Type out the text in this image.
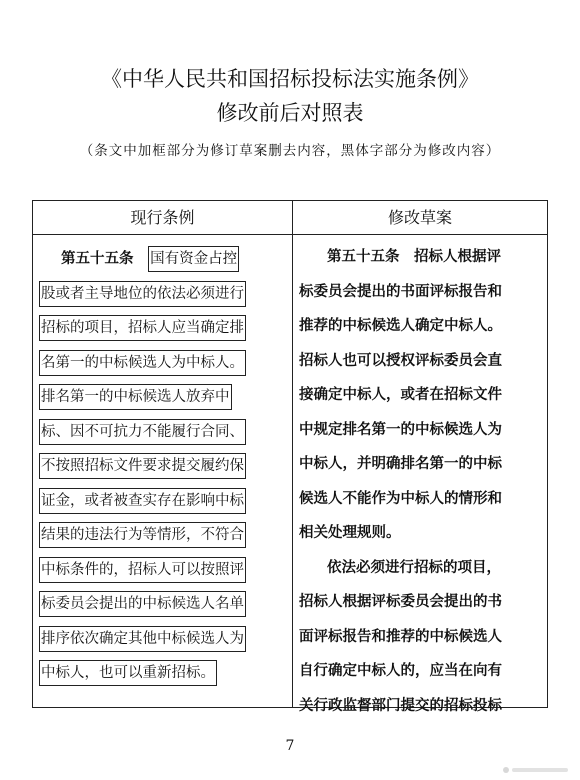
《中华人民共和国招标投标法实施条例》
修改前后对照表
（条文中加框部分为修订草案删去内容，黑体字部分为修改内容）
现行条例	修改草案
第五十五条 国有资金占控
股或者主导地位的依法必须进行
招标的项目，招标人应当确定排
名第一的中标候选人为中标人。
排名第一的中标候选人放弃中
标、因不可抗力不能履行合同、
不按照招标文件要求提交履约保
证金，或者被查实存在影响中标
结果的违法行为等情形，不符合
中标条件的，招标人可以按照评
标委员会提出的中标候选人名单
排序依次确定其他中标候选人为
中标人，也可以重新招标。
第五十五条　招标人根据评
标委员会提出的书面评标报告和
推荐的中标候选人确定中标人。
招标人也可以授权评标委员会直
接确定中标人，或者在招标文件
中规定排名第一的中标候选人为
中标人，并明确排名第一的中标
候选人不能作为中标人的情形和
相关处理规则。
依法必须进行招标的项目，
招标人根据评标委员会提出的书
面评标报告和推荐的中标候选人
自行确定中标人的，应当在向有
关行政监督部门提交的招标投标
7
